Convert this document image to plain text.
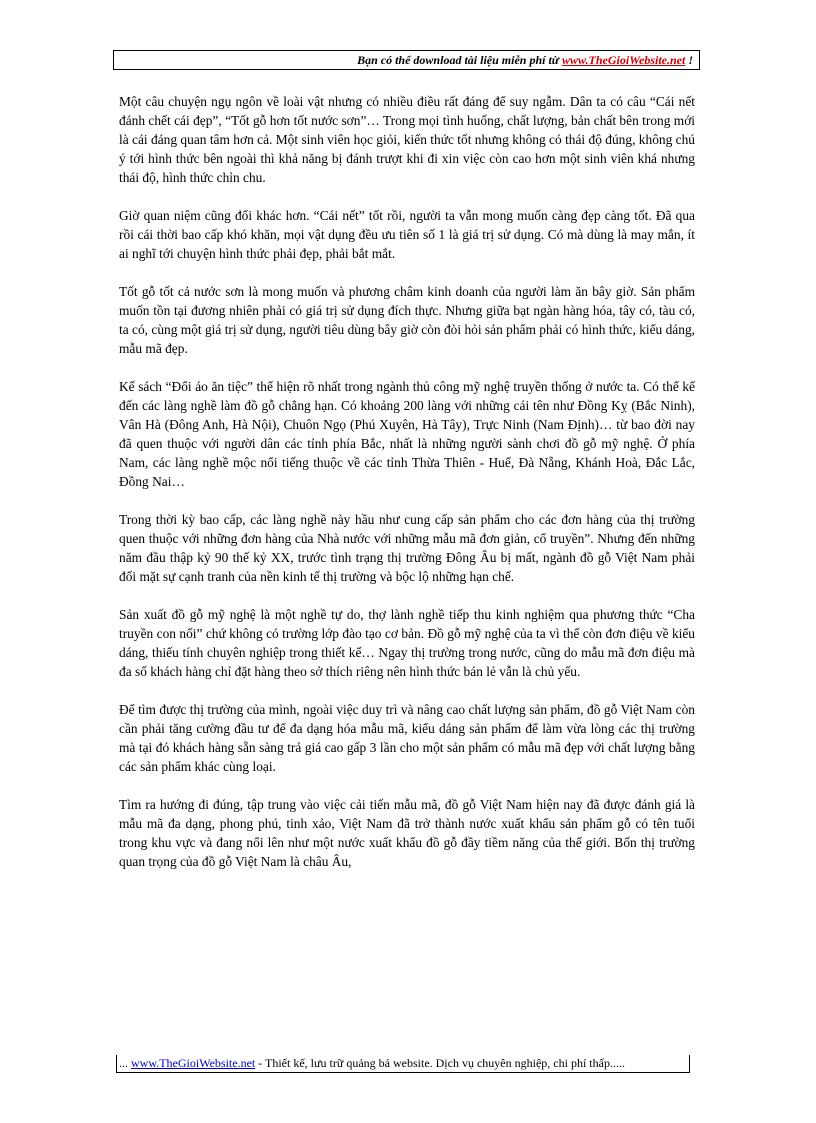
Bạn có thể download tài liệu miễn phí từ www.TheGioiWebsite.net !

Một câu chuyện ngụ ngôn về loài vật nhưng có nhiều điều rất đáng để suy ngẫm. Dân ta có câu “Cái nết đánh chết cái đẹp”, “Tốt gỗ hơn tốt nước sơn”… Trong mọi tình huống, chất lượng, bản chất bên trong mới là cái đáng quan tâm hơn cả. Một sinh viên học giỏi, kiến thức tốt nhưng không có thái độ đúng, không chú ý tới hình thức bên ngoài thì khả năng bị đánh trượt khi đi xin việc còn cao hơn một sinh viên khá nhưng thái độ, hình thức chỉn chu.

Giờ quan niệm cũng đổi khác hơn. “Cái nết” tốt rồi, người ta vẫn mong muốn càng đẹp càng tốt. Đã qua rồi cái thời bao cấp khó khăn, mọi vật dụng đều ưu tiên số 1 là giá trị sử dụng. Có mà dùng là may mắn, ít ai nghĩ tới chuyện hình thức phải đẹp, phải bắt mắt.

Tốt gỗ tốt cả nước sơn là mong muốn và phương châm kinh doanh của người làm ăn bây giờ. Sản phẩm muốn tồn tại đương nhiên phải có giá trị sử dụng đích thực. Nhưng giữa bạt ngàn hàng hóa, tây có, tàu có, ta có, cùng một giá trị sử dụng, người tiêu dùng bây giờ còn đòi hỏi sản phẩm phải có hình thức, kiểu dáng, mẫu mã đẹp.

Kế sách “Đổi áo ăn tiệc” thể hiện rõ nhất trong ngành thủ công mỹ nghệ truyền thống ở nước ta. Có thể kể đến các làng nghề làm đồ gỗ chẳng hạn. Có khoảng 200 làng với những cái tên như Đồng Kỵ (Bắc Ninh), Vân Hà (Đông Anh, Hà Nội), Chuôn Ngọ (Phú Xuyên, Hà Tây), Trực Ninh (Nam Định)… từ bao đời nay đã quen thuộc với người dân các tỉnh phía Bắc, nhất là những người sành chơi đồ gỗ mỹ nghệ. Ở phía Nam, các làng nghề mộc nổi tiếng thuộc về các tỉnh Thừa Thiên - Huế, Đà Nẵng, Khánh Hoà, Đắc Lắc, Đồng Nai…

Trong thời kỳ bao cấp, các làng nghề này hầu như cung cấp sản phẩm cho các đơn hàng của thị trường quen thuộc với những đơn hàng của Nhà nước với những mẫu mã đơn giản, cổ truyền”. Nhưng đến những năm đầu thập kỷ 90 thế kỷ XX, trước tình trạng thị trường Đông Âu bị mất, ngành đồ gỗ Việt Nam phải đối mặt sự cạnh tranh của nền kinh tế thị trường và bộc lộ những hạn chế.

Sản xuất đồ gỗ mỹ nghệ là một nghề tự do, thợ lành nghề tiếp thu kinh nghiệm qua phương thức “Cha truyền con nối” chứ không có trường lớp đào tạo cơ bản. Đồ gỗ mỹ nghệ của ta vì thế còn đơn điệu về kiểu dáng, thiếu tính chuyên nghiệp trong thiết kế… Ngay thị trường trong nước, cũng do mẫu mã đơn điệu mà đa số khách hàng chỉ đặt hàng theo sở thích riêng nên hình thức bán lẻ vẫn là chủ yếu.

Để tìm được thị trường của mình, ngoài việc duy trì và nâng cao chất lượng sản phẩm, đồ gỗ Việt Nam còn cần phải tăng cường đầu tư để đa dạng hóa mẫu mã, kiểu dáng sản phẩm để làm vừa lòng các thị trường mà tại đó khách hàng sẵn sàng trả giá cao gấp 3 lần cho một sản phẩm có mẫu mã đẹp với chất lượng bằng các sản phẩm khác cùng loại.

Tìm ra hướng đi đúng, tập trung vào việc cải tiến mẫu mã, đồ gỗ Việt Nam hiện nay đã được đánh giá là mẫu mã đa dạng, phong phú, tinh xảo, Việt Nam đã trở thành nước xuất khẩu sản phẩm gỗ có tên tuổi trong khu vực và đang nổi lên như một nước xuất khẩu đồ gỗ đầy tiềm năng của thế giới. Bốn thị trường quan trọng của đồ gỗ Việt Nam là châu Âu,

... www.TheGioiWebsite.net - Thiết kế, lưu trữ quảng bá website. Dịch vụ chuyên nghiệp, chi phí thấp.....
